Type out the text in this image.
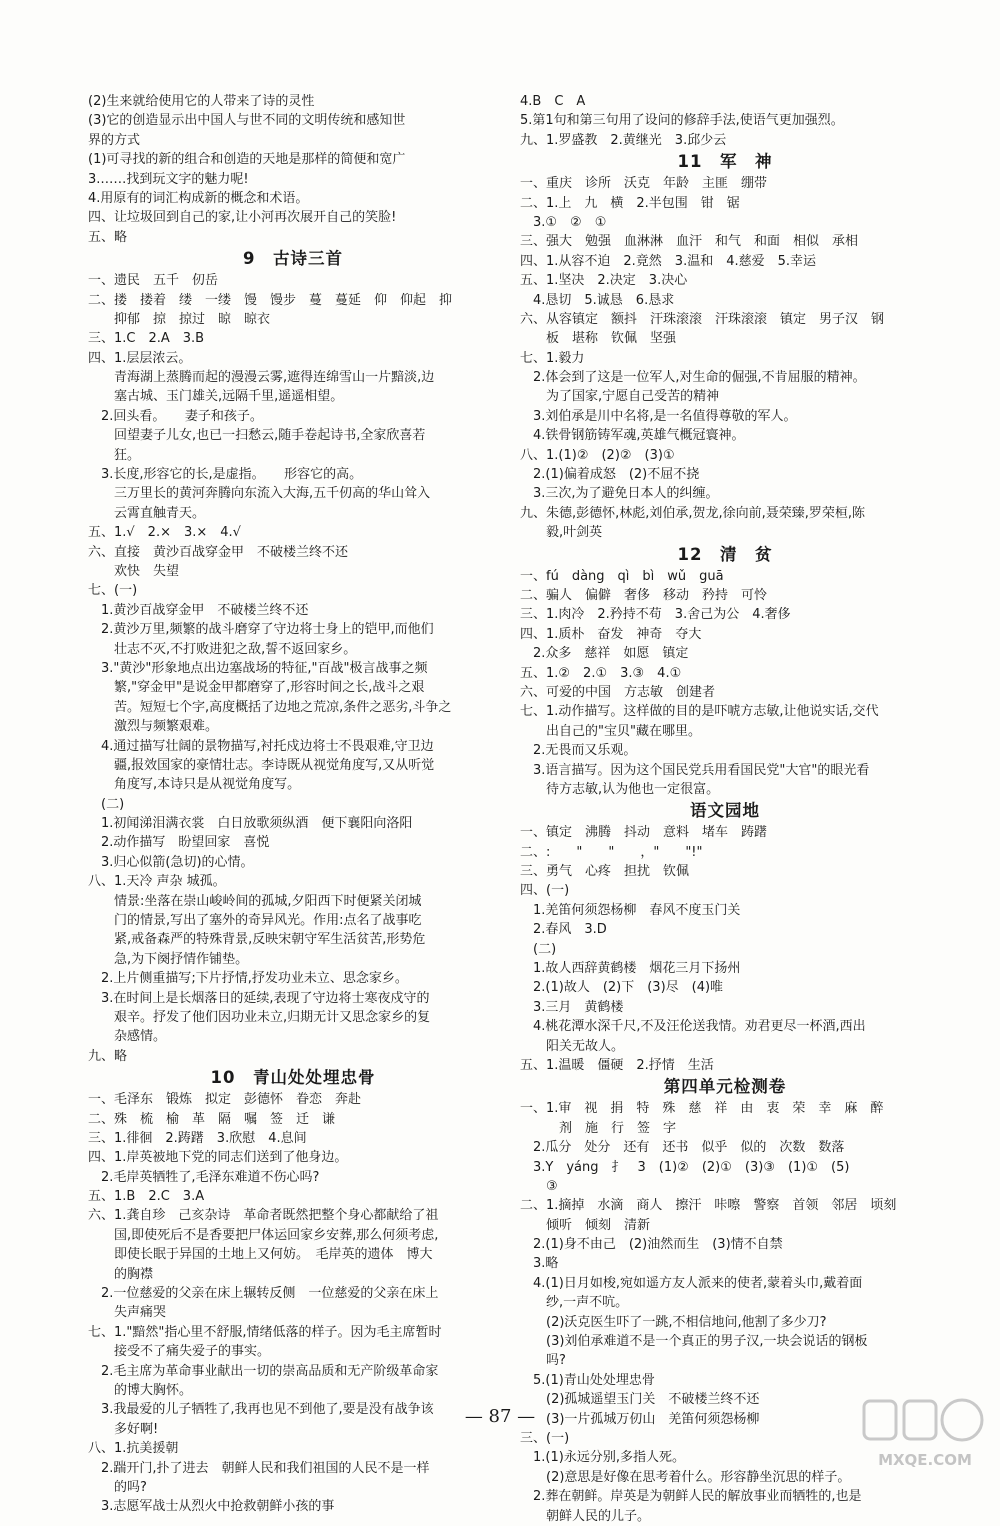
(2)生来就给使用它的人带来了诗的灵性
(3)它的创造显示出中国人与世不同的文明传统和感知世
界的方式
(1)可寻找的新的组合和创造的天地是那样的简便和宽广
3.……找到玩文字的魅力呢!
4.用原有的词汇构成新的概念和术语。
四、让垃圾回到自己的家,让小河再次展开自己的笑脸!
五、略
9　古诗三首
一、遗民　五千　仞岳
二、搂　搂着　缕　一缕　馒　馒步　蔓　蔓延　仰　仰起　抑
　　抑郁　掠　掠过　晾　晾衣
三、1.C　2.A　3.B
四、1.层层浓云。
　　青海湖上蒸腾而起的漫漫云雾,遮得连绵雪山一片黯淡,边
　　塞古城、玉门雄关,远隔千里,遥遥相望。
　2.回头看。　　妻子和孩子。
　　回望妻子儿女,也已一扫愁云,随手卷起诗书,全家欣喜若
　　狂。
　3.长度,形容它的长,是虚指。　　形容它的高。
　　三万里长的黄河奔腾向东流入大海,五千仞高的华山耸入
　　云霄直触青天。
五、1.√　2.×　3.×　4.√
六、直接　黄沙百战穿金甲　不破楼兰终不还
　　欢快　失望
七、(一)
　1.黄沙百战穿金甲　不破楼兰终不还
　2.黄沙万里,频繁的战斗磨穿了守边将士身上的铠甲,而他们
　　壮志不灭,不打败进犯之敌,誓不返回家乡。
　3."黄沙"形象地点出边塞战场的特征,"百战"极言战事之频
　　繁,"穿金甲"是说金甲都磨穿了,形容时间之长,战斗之艰
　　苦。短短七个字,高度概括了边地之荒凉,条件之恶劣,斗争之
　　激烈与频繁艰难。
　4.通过描写壮阔的景物描写,衬托戍边将士不畏艰难,守卫边
　　疆,报效国家的豪情壮志。李诗既从视觉角度写,又从听觉
　　角度写,本诗只是从视觉角度写。
　(二)
　1.初闻涕泪满衣裳　白日放歌须纵酒　便下襄阳向洛阳
　2.动作描写　盼望回家　喜悦
　3.归心似箭(急切)的心情。
八、1.天冷 声杂 城孤。
　　情景:坐落在崇山峻岭间的孤城,夕阳西下时便紧关闭城
　　门的情景,写出了塞外的奇异风光。作用:点名了战事吃
　　紧,戒备森严的特殊背景,反映宋朝守军生活贫苦,形势危
　　急,为下阕抒情作铺垫。
　2.上片侧重描写;下片抒情,抒发功业未立、思念家乡。
　3.在时间上是长烟落日的延续,表现了守边将士寒夜戍守的
　　艰辛。抒发了他们因功业未立,归期无计又思念家乡的复
　　杂感情。
九、略
10　青山处处埋忠骨
一、毛泽东　锻炼　拟定　彭德怀　眷恋　奔赴
二、殊　梳　榆　革　隔　嘱　签　迁　谦
三、1.徘徊　2.踌躇　3.欣慰　4.息间
四、1.岸英被地下党的同志们送到了他身边。
　2.毛岸英牺牲了,毛泽东难道不伤心吗?
五、1.B　2.C　3.A
六、1.龚自珍　己亥杂诗　革命者既然把整个身心都献给了祖
　　国,即使死后不是香要把尸体运回家乡安葬,那么何须考虑,
　　即使长眠于异国的土地上又何妨。　毛岸英的遗体　博大
　　的胸襟
　2.一位慈爱的父亲在床上辗转反侧　一位慈爱的父亲在床上
　　失声痛哭
七、1."黯然"指心里不舒服,情绪低落的样子。因为毛主席暂时
　　接受不了痛失爱子的事实。
　2.毛主席为革命事业献出一切的崇高品质和无产阶级革命家
　　的博大胸怀。
　3.我最爱的儿子牺牲了,我再也见不到他了,要是没有战争该
　　多好啊!
八、1.抗美援朝
　2.踹开门,扑了进去　朝鲜人民和我们祖国的人民不是一样
　　的吗?
　3.志愿军战士从烈火中抢救朝鲜小孩的事
4.B　C　A
5.第1句和第三句用了设问的修辞手法,使语气更加强烈。
九、1.罗盛教　2.黄继光　3.邱少云
11　军　神
一、重庆　诊所　沃克　年龄　主匪　绷带
二、1.上　九　横　2.半包围　钳　锯
　3.①　②　①
三、强大　勉强　血淋淋　血汗　和气　和面　相似　承相
四、1.从容不迫　2.竟然　3.温和　4.慈爱　5.幸运
五、1.坚决　2.决定　3.决心
　4.恳切　5.诚恳　6.恳求
六、从容镇定　额抖　汗珠滚滚　汗珠滚滚　镇定　男子汉　钢
　　板　堪称　钦佩　坚强
七、1.毅力
　2.体会到了这是一位军人,对生命的倔强,不肯屈服的精神。
　　为了国家,宁愿自己受苦的精神
　3.刘伯承是川中名将,是一名值得尊敬的军人。
　4.铁骨钢筋铸军魂,英雄气概冠寰神。
八、1.(1)②　(2)②　(3)①
　2.(1)偏着成怒　(2)不屈不挠
　3.三次,为了避免日本人的纠缠。
九、朱德,彭德怀,林彪,刘伯承,贺龙,徐向前,聂荣臻,罗荣桓,陈
　　毅,叶剑英
12　清　贫
一、fú　dàng　qì　bì　wǔ　guā
二、骗人　偏僻　奢侈　移动　矜持　可怜
三、1.肉冷　2.矜持不苟　3.舍己为公　4.奢侈
四、1.质朴　奋发　神奇　夺大
　2.众多　慈祥　如愿　镇定
五、1.②　2.①　3.③　4.①
六、可爱的中国　方志敏　创建者
七、1.动作描写。这样做的目的是吓唬方志敏,让他说实话,交代
　　出自己的"宝贝"藏在哪里。
　2.无畏而又乐观。
　3.语言描写。因为这个国民党兵用看国民党"大官"的眼光看
　　待方志敏,认为他也一定很富。
语文园地
一、镇定　沸腾　抖动　意料　堵车　踌躇
二、:　　"　　"　　，"　　"!"
三、勇气　心疼　担扰　钦佩
四、(一)
　1.羌笛何须怨杨柳　春风不度玉门关
　2.春风　3.D
　(二)
　1.故人西辞黄鹤楼　烟花三月下扬州
　2.(1)故人　(2)下　(3)尽　(4)唯
　3.三月　黄鹤楼
　4.桃花潭水深千尺,不及汪伦送我情。劝君更尽一杯酒,西出
　　阳关无故人。
五、1.温暖　僵硬　2.抒情　生活
第四单元检测卷
一、1.审　视　捐　特　殊　慈　祥　由　衷　荣　幸　麻　醉
　　　剂　施　行　签　字
　2.瓜分　处分　还有　还书　似乎　似的　次数　数落
　3.Y　yáng　扌　3　(1)②　(2)①　(3)③　(1)①　(5)
　　③
二、1.摘掉　水滴　商人　擦汗　咔嚓　警察　首领　邻居　顷刻
　　倾听　倾刻　清新
　2.(1)身不由己　(2)油然而生　(3)情不自禁
　3.略
　4.(1)日月如梭,宛如遥方友人派来的使者,蒙着头巾,戴着面
　　纱,一声不吭。
　　(2)沃克医生吓了一跳,不相信地问,他割了多少刀?
　　(3)刘伯承难道不是一个真正的男子汉,一块会说话的钢板
　　吗?
　5.(1)青山处处埋忠骨
　　(2)孤城遥望玉门关　不破楼兰终不还
　　(3)一片孤城万仞山　羌笛何须怨杨柳
三、(一)
　1.(1)永远分别,多指人死。
　　(2)意思是好像在思考着什么。形容静坐沉思的样子。
　2.葬在朝鲜。岸英是为朝鲜人民的解放事业而牺牲的,也是
　　朝鲜人民的儿子。
— 87 —
MXQE.COM
